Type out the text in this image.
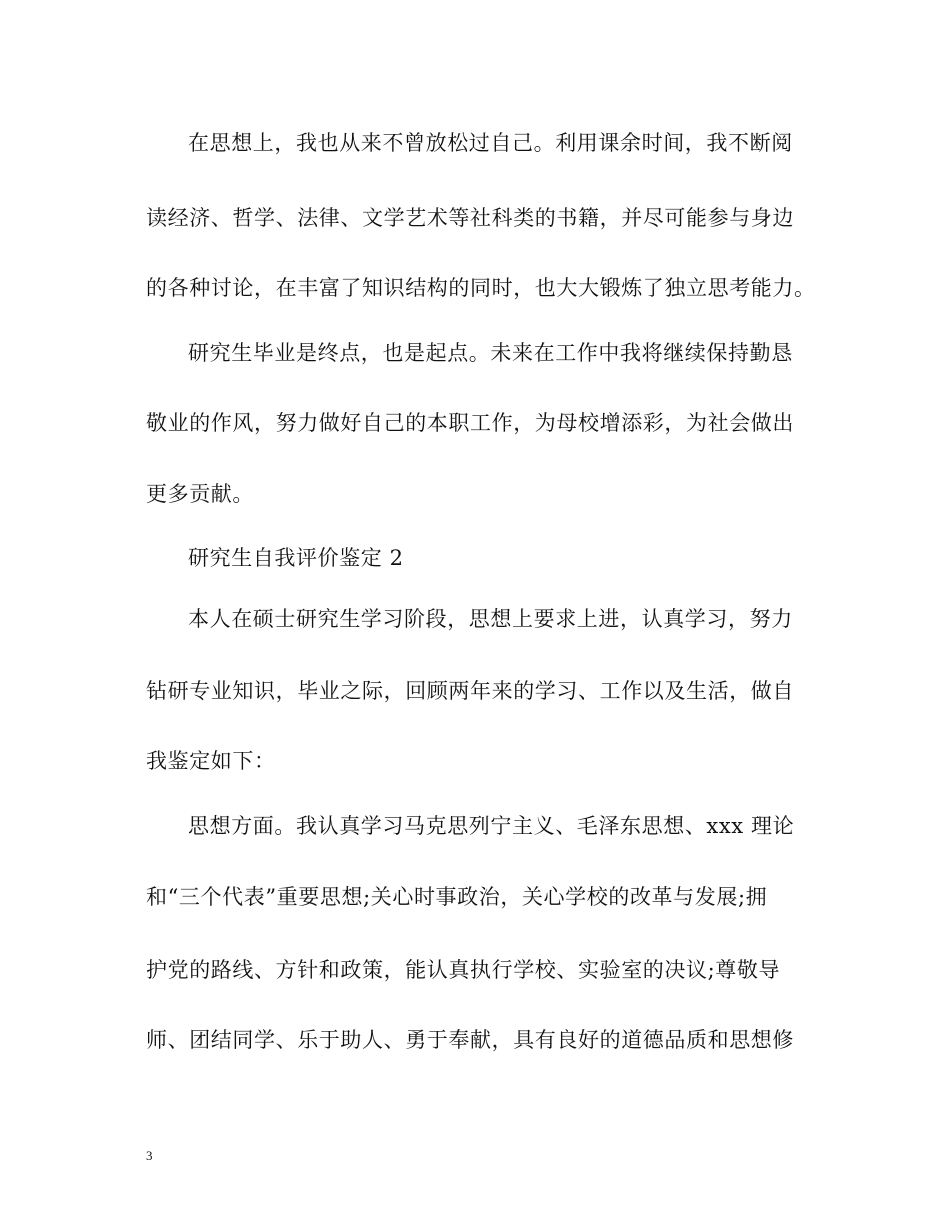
在思想上，我也从来不曾放松过自己。利用课余时间，我不断阅
读经济、哲学、法律、文学艺术等社科类的书籍，并尽可能参与身边
的各种讨论，在丰富了知识结构的同时，也大大锻炼了独立思考能力。
研究生毕业是终点，也是起点。未来在工作中我将继续保持勤恳
敬业的作风，努力做好自己的本职工作，为母校增添彩，为社会做出
更多贡献。
研究生自我评价鉴定 2
本人在硕士研究生学习阶段，思想上要求上进，认真学习，努力
钻研专业知识，毕业之际，回顾两年来的学习、工作以及生活，做自
我鉴定如下：
思想方面。我认真学习马克思列宁主义、毛泽东思想、xxx 理论
和“三个代表”重要思想;关心时事政治，关心学校的改革与发展;拥
护党的路线、方针和政策，能认真执行学校、实验室的决议;尊敬导
师、团结同学、乐于助人、勇于奉献，具有良好的道德品质和思想修
3
